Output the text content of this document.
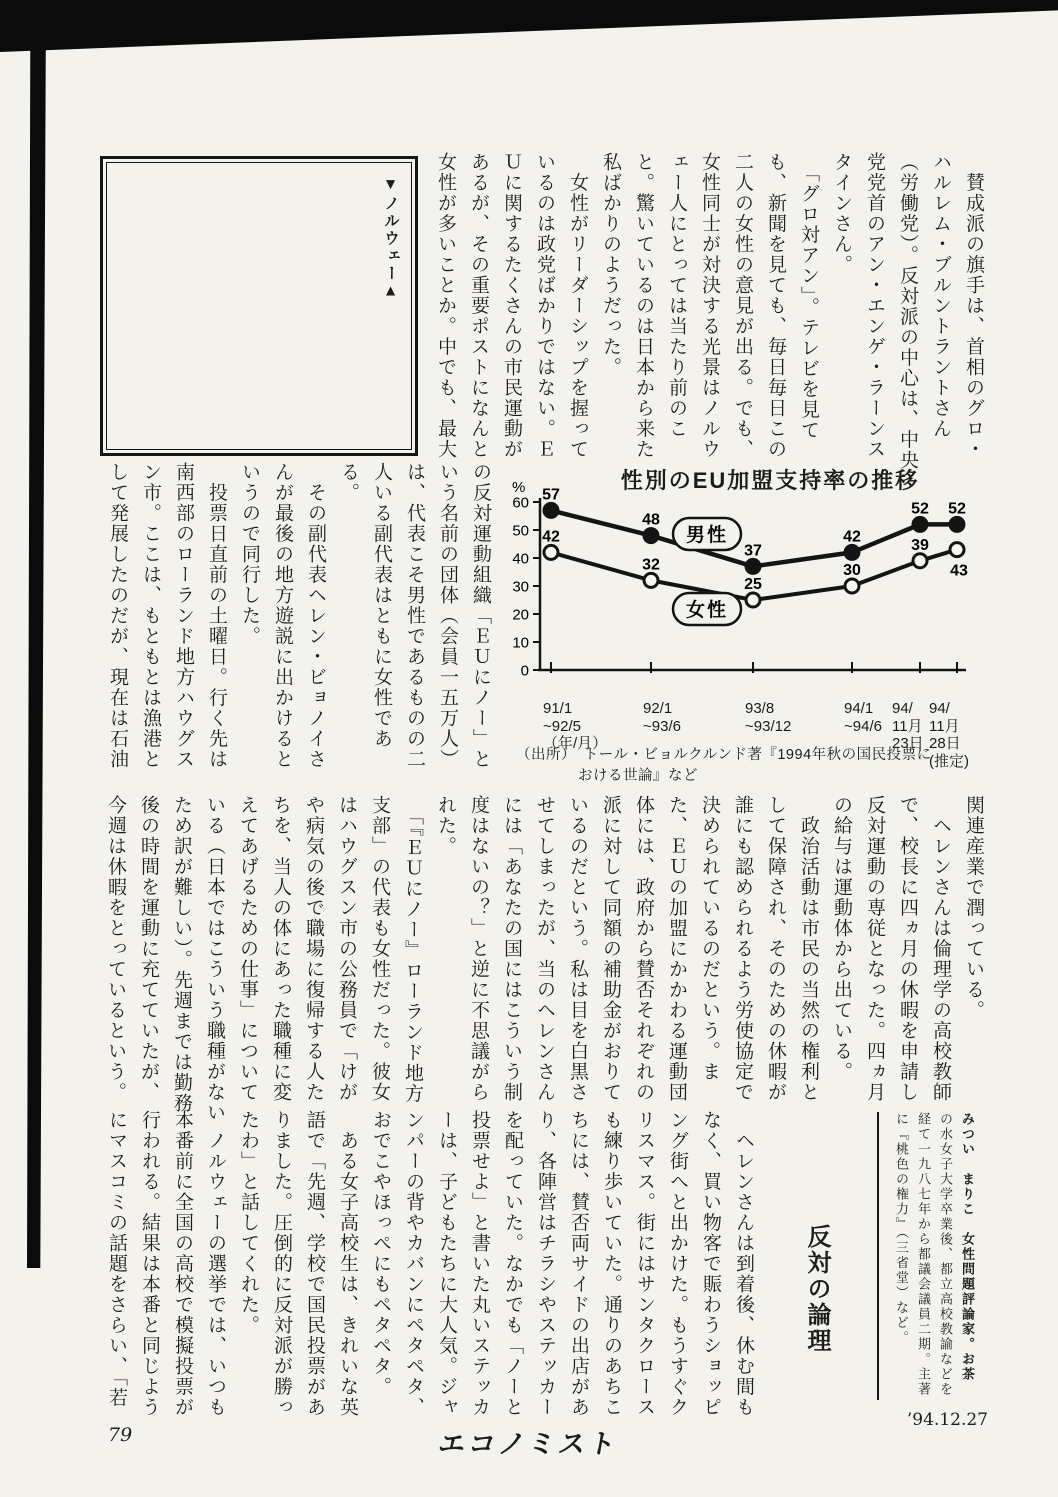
　賛成派の旗手は、首相のグロ・
ハルレム・ブルントラントさん
（労働党）。反対派の中心は、中央
党党首のアン・エンゲ・ラーンス
タインさん。
　「グロ対アン」。テレビを見て
も、新聞を見ても、毎日毎日この
二人の女性の意見が出る。でも、
女性同士が対決する光景はノルウ
ェー人にとっては当たり前のこ
と。驚いているのは日本から来た
私ばかりのようだった。
　女性がリーダーシップを握って
いるのは政党ばかりではない。Ｅ
Ｕに関するたくさんの市民運動が
あるが、その重要ポストになんと
女性が多いことか。中でも、最大
▼ノルウェー▲
の反対運動組織「ＥＵにノー」と
いう名前の団体（会員一五万人）
は、代表こそ男性であるものの二
人いる副代表はともに女性であ
る。
　その副代表ヘレン・ビョノイさ
んが最後の地方遊説に出かけると
いうので同行した。
　投票日直前の土曜日。行く先は
南西部のローランド地方ハウグス
ン市。ここは、もともとは漁港と
して発展したのだが、現在は石油	性別のEU加盟支持率の推移
0
10
20
30
40
50
60
% 57
48
37
42
52 52
42
32
25
30
39
43
男性
女性
91/1
~92/5
（年/月）
92/1
~93/6
93/8
~93/12
94/1
~94/6
94/
11月
23日
94/
11月
28日
(推定)
（出所）　トール・ビョルクルンド著『1994年秋の国民投票に
おける世論』など
関連産業で潤っている。
　ヘレンさんは倫理学の高校教師
で、校長に四ヵ月の休暇を申請し
反対運動の専従となった。四ヵ月
の給与は運動体から出ている。
　政治活動は市民の当然の権利と
して保障され、そのための休暇が
誰にも認められるよう労使協定で
決められているのだという。ま
た、ＥＵの加盟にかかわる運動団
体には、政府から賛否それぞれの
派に対して同額の補助金がおりて
いるのだという。私は目を白黒さ
せてしまったが、当のヘレンさん
には「あなたの国にはこういう制
度はないの？」と逆に不思議がら
れた。
　「『ＥＵにノー』ローランド地方
支部」の代表も女性だった。彼女
はハウグスン市の公務員で「けが
や病気の後で職場に復帰する人た
ちを、当人の体にあった職種に変
えてあげるための仕事」について
いる（日本ではこういう職種がない
ため訳が難しい）。先週までは勤務
後の時間を運動に充てていたが、
今週は休暇をとっているという。
みつい　まりこ　女性問題評論家。お茶
の水女子大学卒業後、都立高校教諭などを
経て一九八七年から都議会議員二期。主著
に『桃色の権力』（三省堂）など。
反対の論理
　ヘレンさんは到着後、休む間も
なく、買い物客で賑わうショッピ
ング街へと出かけた。もうすぐク
リスマス。街にはサンタクロース
も練り歩いていた。通りのあちこ
ちには、賛否両サイドの出店があ
り、各陣営はチラシやステッカー
を配っていた。なかでも「ノーと
投票せよ」と書いた丸いステッカ
ーは、子どもたちに大人気。ジャ
ンパーの背やカバンにペタペタ、
おでこやほっぺにもペタペタ。
　ある女子高校生は、きれいな英
語で「先週、学校で国民投票があ
りました。圧倒的に反対派が勝っ
たわ」と話してくれた。
　ノルウェーの選挙では、いつも
本番前に全国の高校で模擬投票が
行われる。結果は本番と同じよう
にマスコミの話題をさらい、「若
79	エコノミスト
’94.12.27
